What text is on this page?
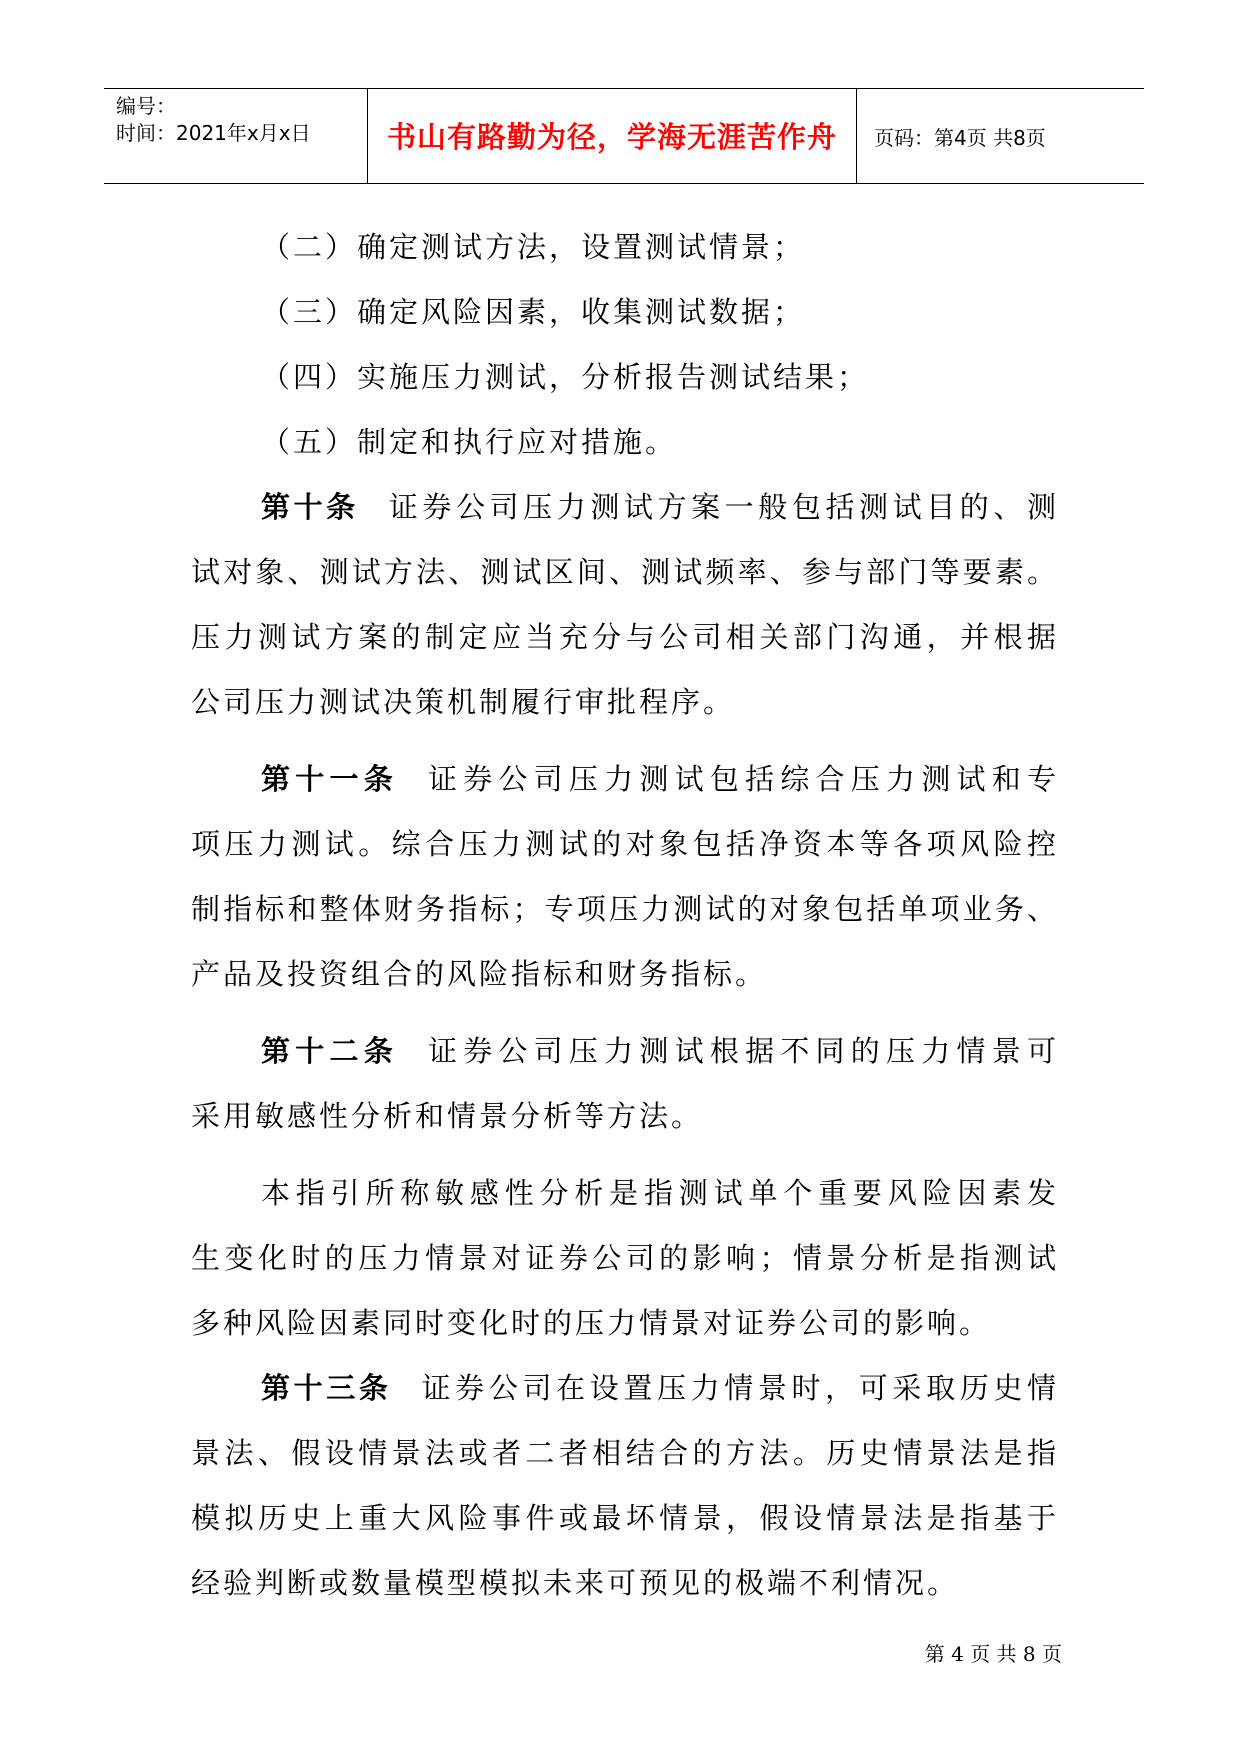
编号：
时间：2021年x月x日	书山有路勤为径，学海无涯苦作舟	页码：第4页 共8页
（二）确定测试方法，设置测试情景；
（三）确定风险因素，收集测试数据；
（四）实施压力测试，分析报告测试结果；
（五）制定和执行应对措施。
第十条 证券公司压力测试方案一般包括测试目的、测
试对象、测试方法、测试区间、测试频率、参与部门等要素。
压力测试方案的制定应当充分与公司相关部门沟通，并根据
公司压力测试决策机制履行审批程序。
第十一条 证券公司压力测试包括综合压力测试和专
项压力测试。综合压力测试的对象包括净资本等各项风险控
制指标和整体财务指标；专项压力测试的对象包括单项业务、
产品及投资组合的风险指标和财务指标。
第十二条 证券公司压力测试根据不同的压力情景可
采用敏感性分析和情景分析等方法。
本指引所称敏感性分析是指测试单个重要风险因素发
生变化时的压力情景对证券公司的影响；情景分析是指测试
多种风险因素同时变化时的压力情景对证券公司的影响。
第十三条 证券公司在设置压力情景时，可采取历史情
景法、假设情景法或者二者相结合的方法。历史情景法是指
模拟历史上重大风险事件或最坏情景，假设情景法是指基于
经验判断或数量模型模拟未来可预见的极端不利情况。
第 4 页 共 8 页
